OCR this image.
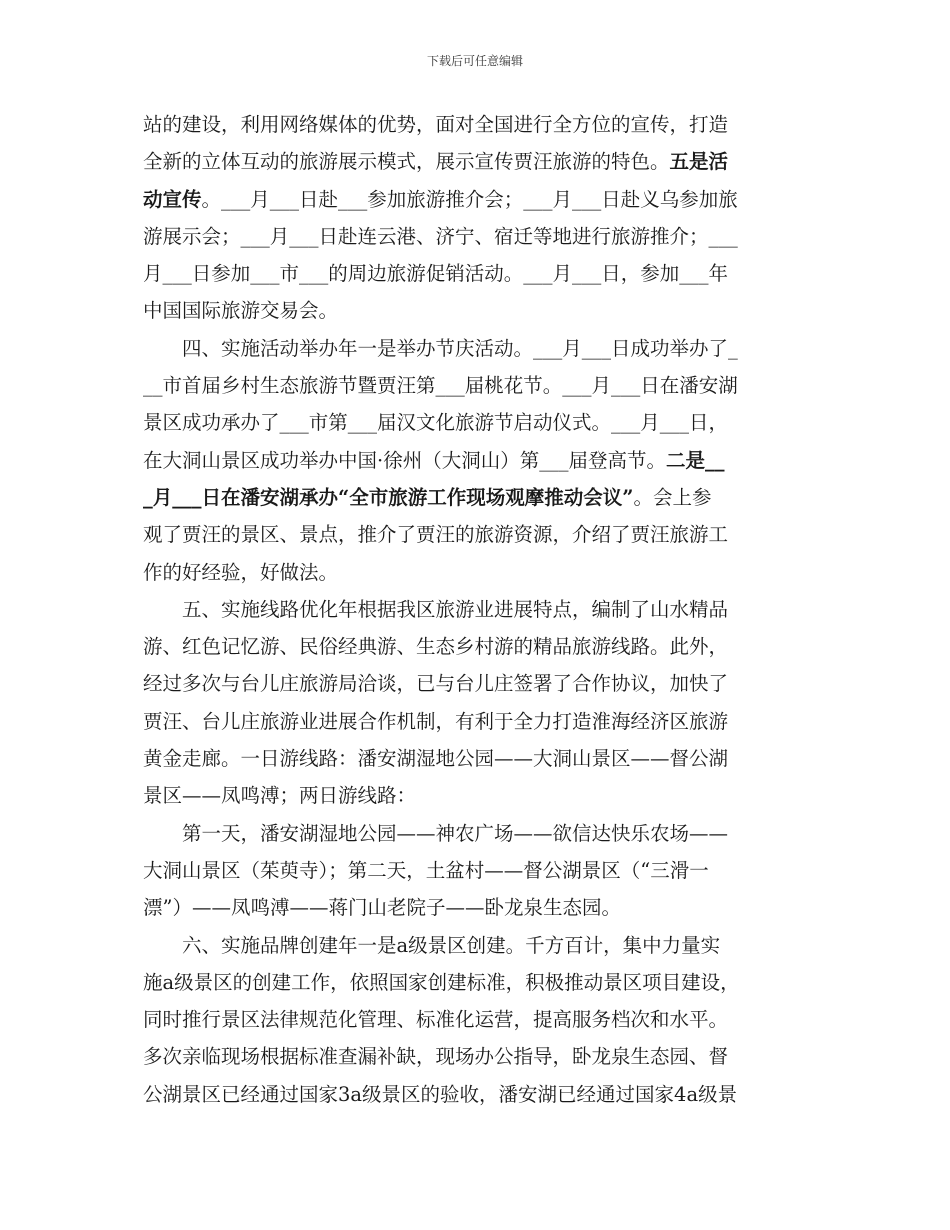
下载后可任意编辑

站的建设，利用网络媒体的优势，面对全国进行全方位的宣传，打造
全新的立体互动的旅游展示模式，展示宣传贾汪旅游的特色。五是活
动宣传。___月___日赴___参加旅游推介会；___月___日赴义乌参加旅
游展示会；___月___日赴连云港、济宁、宿迁等地进行旅游推介；___
月___日参加___市___的周边旅游促销活动。___月___日，参加___年
中国国际旅游交易会。

四、实施活动举办年一是举办节庆活动。___月___日成功举办了_
__市首届乡村生态旅游节暨贾汪第___届桃花节。___月___日在潘安湖
景区成功承办了___市第___届汉文化旅游节启动仪式。___月___日，
在大洞山景区成功举办中国·徐州（大洞山）第___届登高节。二是__
_月___日在潘安湖承办“全市旅游工作现场观摩推动会议”。会上参
观了贾汪的景区、景点，推介了贾汪的旅游资源，介绍了贾汪旅游工
作的好经验，好做法。

五、实施线路优化年根据我区旅游业进展特点，编制了山水精品
游、红色记忆游、民俗经典游、生态乡村游的精品旅游线路。此外，
经过多次与台儿庄旅游局洽谈，已与台儿庄签署了合作协议，加快了
贾汪、台儿庄旅游业进展合作机制，有利于全力打造淮海经济区旅游
黄金走廊。一日游线路：潘安湖湿地公园——大洞山景区——督公湖
景区——凤鸣溥；两日游线路：

第一天，潘安湖湿地公园——神农广场——欲信达快乐农场——
大洞山景区（茱萸寺）；第二天，土盆村——督公湖景区（“三滑一
漂”）——凤鸣溥——蒋门山老院子——卧龙泉生态园。

六、实施品牌创建年一是a级景区创建。千方百计，集中力量实
施a级景区的创建工作，依照国家创建标准，积极推动景区项目建设，
同时推行景区法律规范化管理、标准化运营，提高服务档次和水平。
多次亲临现场根据标准查漏补缺，现场办公指导，卧龙泉生态园、督
公湖景区已经通过国家3a级景区的验收，潘安湖已经通过国家4a级景
